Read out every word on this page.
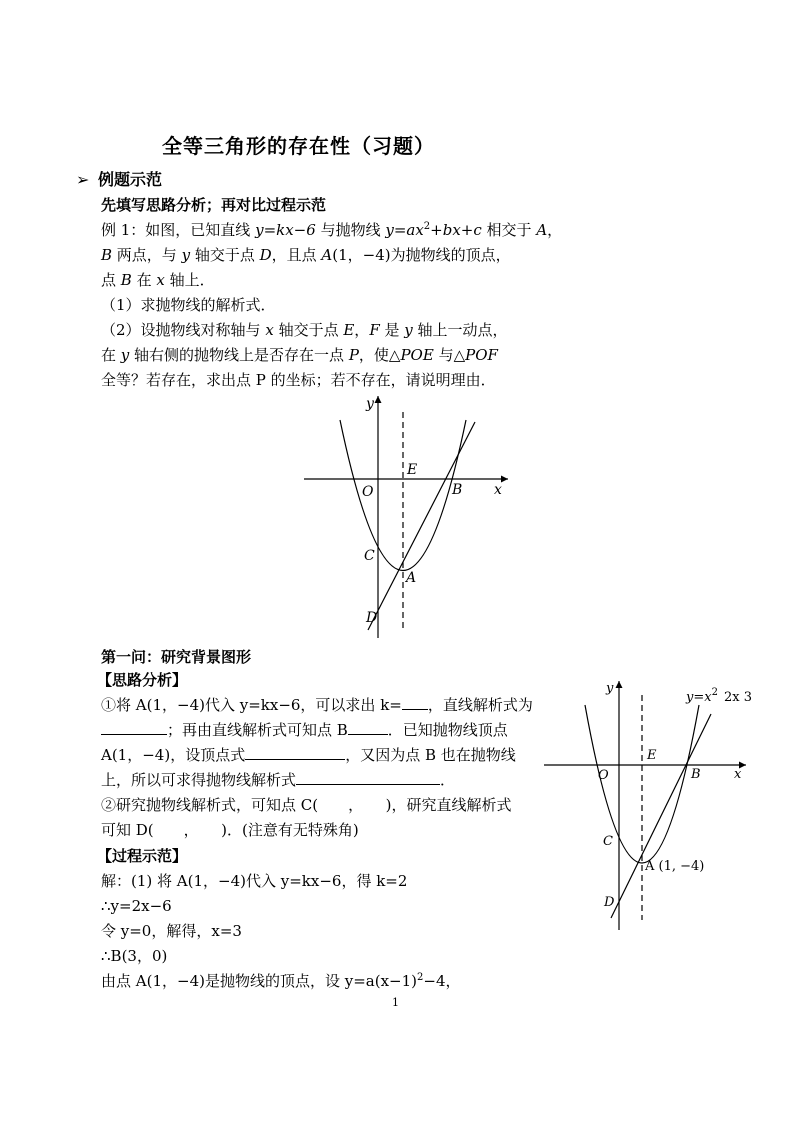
全等三角形的存在性（习题）
➢ 例题示范
先填写思路分析；再对比过程示范
例 1：如图，已知直线 y=kx−6 与抛物线 $y=ax^2+bx+c$ 相交于 A，
B 两点，与 y 轴交于点 D，且点 A(1，−4)为抛物线的顶点，
点 B 在 x 轴上．
（1）求抛物线的解析式．
（2）设抛物线对称轴与 x 轴交于点 E，F 是 y 轴上一动点，
在 y 轴右侧的抛物线上是否存在一点 P，使△POE 与△POF
全等？若存在，求出点 P 的坐标；若不存在，请说明理由．
y
x
O
E
B
C
A
D
y
x
O
E
B
C
D
A (1, −4)
$y=x^2$ 2x 3
第一问：研究背景图形
【思路分析】
①将 A(1，−4)代入 y=kx−6，可以求出 k= ，直线解析式为
；再由直线解析式可知点 B	．已知抛物线顶点
A(1，−4)，设顶点式	，又因为点 B 也在抛物线
上，所以可求得抛物线解析式	．
②研究抛物线解析式，可知点 C(　　，　　)，研究直线解析式
可知 D(　　，　　)．(注意有无特殊角)
【过程示范】
解：(1) 将 A(1，−4)代入 y=kx−6，得 k=2
∴y=2x−6
令 y=0，解得，x=3
∴B(3，0)
由点 A(1，−4)是抛物线的顶点，设 $y=a(x-1)^2-4$，
1
